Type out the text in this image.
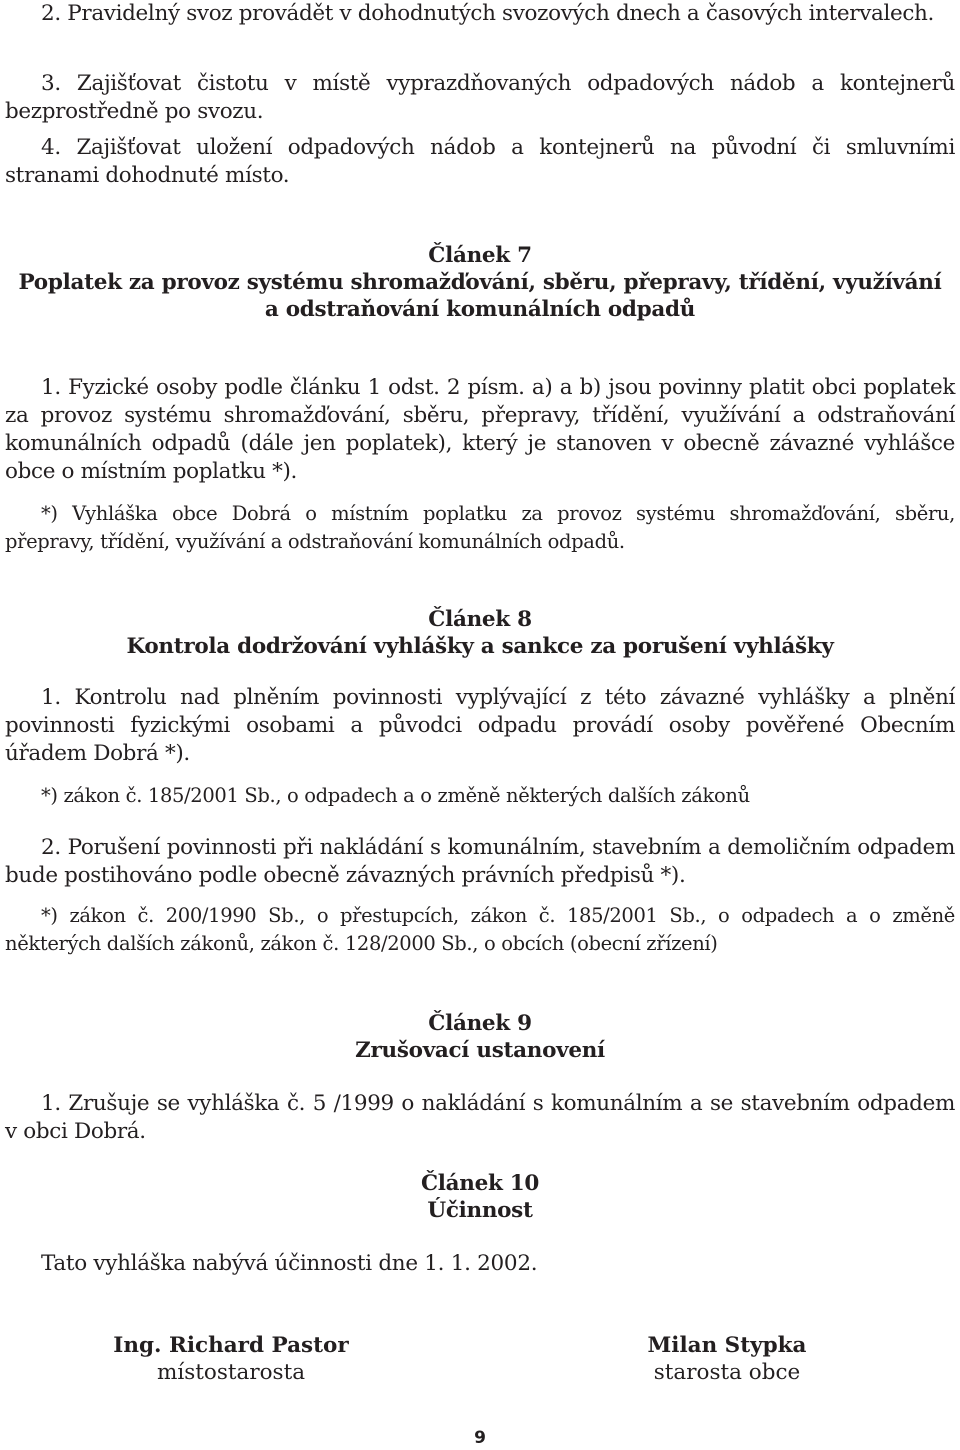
2. Pravidelný svoz provádět v dohodnutých svozových dnech a časových intervalech.

3. Zajišťovat čistotu v místě vyprazdňovaných odpadových nádob a kontejnerů bezprostředně po svozu.

4. Zajišťovat uložení odpadových nádob a kontejnerů na původní či smluvními stranami dohodnuté místo.

Článek 7
Poplatek za provoz systému shromažďování, sběru, přepravy, třídění, využívání
a odstraňování komunálních odpadů

1. Fyzické osoby podle článku 1 odst. 2 písm. a) a b) jsou povinny platit obci poplatek za provoz systému shromažďování, sběru, přepravy, třídění, využívání a odstraňování komunálních odpadů (dále jen poplatek), který je stanoven v obecně závazné vyhlášce obce o místním poplatku *).

*) Vyhláška obce Dobrá o místním poplatku za provoz systému shromažďování, sběru, přepravy, třídění, využívání a odstraňování komunálních odpadů.

Článek 8
Kontrola dodržování vyhlášky a sankce za porušení vyhlášky

1. Kontrolu nad plněním povinnosti vyplývající z této závazné vyhlášky a plnění povinnosti fyzickými osobami a původci odpadu provádí osoby pověřené Obecním úřadem Dobrá *).

*) zákon č. 185/2001 Sb., o odpadech a o změně některých dalších zákonů

2. Porušení povinnosti při nakládání s komunálním, stavebním a demoličním odpadem bude postihováno podle obecně závazných právních předpisů *).

*) zákon č. 200/1990 Sb., o přestupcích, zákon č. 185/2001 Sb., o odpadech a o změně některých dalších zákonů, zákon č. 128/2000 Sb., o obcích (obecní zřízení)

Článek 9
Zrušovací ustanovení

1. Zrušuje se vyhláška č. 5 /1999 o nakládání s komunálním a se stavebním odpadem v obci Dobrá.

Článek 10
Účinnost

Tato vyhláška nabývá účinnosti dne 1. 1. 2002.

Ing. Richard Pastor
místostarosta
Milan Stypka
starosta obce
9
